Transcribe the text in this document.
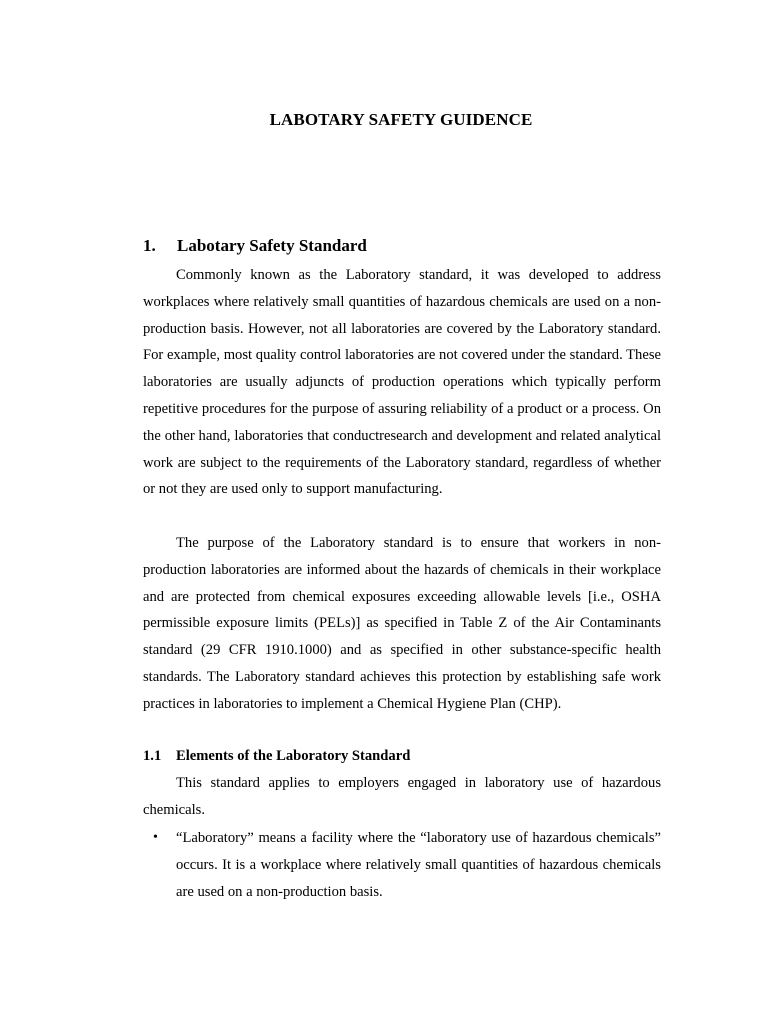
LABOTARY SAFETY GUIDENCE
1. Labotary Safety Standard
Commonly known as the Laboratory standard, it was developed to address workplaces where relatively small quantities of hazardous chemicals are used on a non-production basis. However, not all laboratories are covered by the Laboratory standard. For example, most quality control laboratories are not covered under the standard. These laboratories are usually adjuncts of production operations which typically perform repetitive procedures for the purpose of assuring reliability of a product or a process. On the other hand, laboratories that conductresearch and development and related analytical work are subject to the requirements of the Laboratory standard, regardless of whether or not they are used only to support manufacturing.
The purpose of the Laboratory standard is to ensure that workers in non-production laboratories are informed about the hazards of chemicals in their workplace and are protected from chemical exposures exceeding allowable levels [i.e., OSHA permissible exposure limits (PELs)] as specified in Table Z of the Air Contaminants standard (29 CFR 1910.1000) and as specified in other substance-specific health standards. The Laboratory standard achieves this protection by establishing safe work practices in laboratories to implement a Chemical Hygiene Plan (CHP).
1.1 Elements of the Laboratory Standard
This standard applies to employers engaged in laboratory use of hazardous chemicals.
• “Laboratory” means a facility where the “laboratory use of hazardous chemicals” occurs. It is a workplace where relatively small quantities of hazardous chemicals are used on a non-production basis.
